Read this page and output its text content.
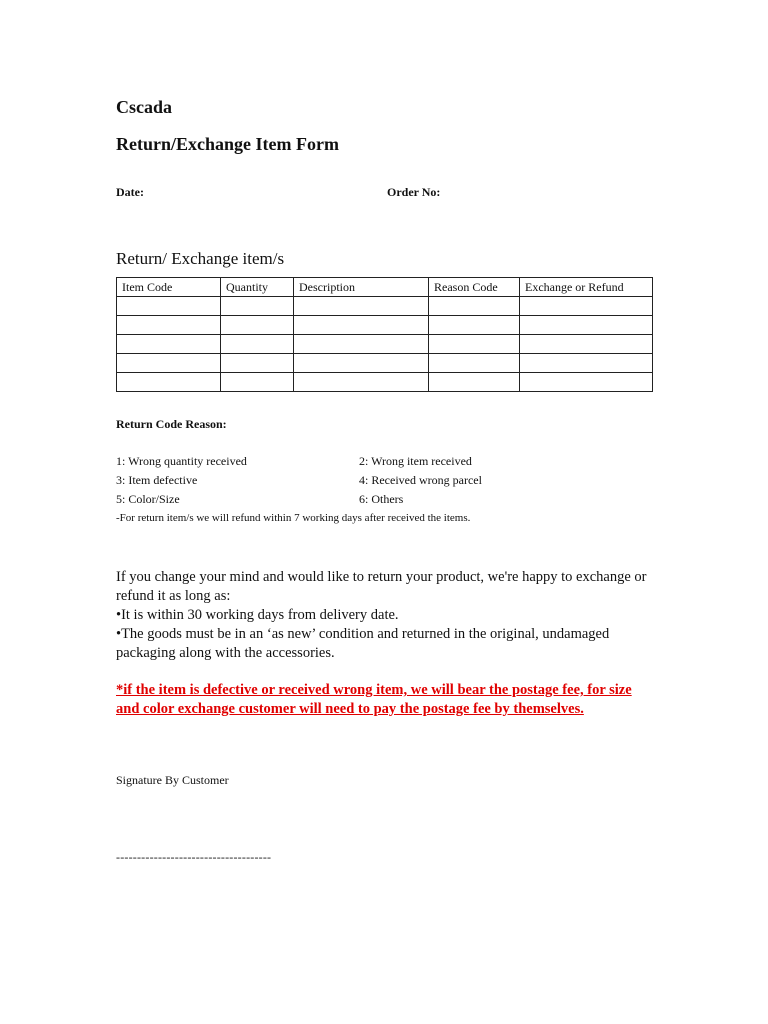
Cscada
Return/Exchange Item Form
Date:	Order No:
Return/ Exchange item/s
Item Code	Quantity	Description	Reason Code	Exchange or Refund

Return Code Reason:
1: Wrong quantity received	2: Wrong item received
3: Item defective	4: Received wrong parcel
5: Color/Size	6: Others
-For return item/s we will refund within 7 working days after received the items.

If you change your mind and would like to return your product, we're happy to exchange or refund it as long as:

•It is within 30 working days from delivery date.

•The goods must be in an ‘as new’ condition and returned in the original, undamaged packaging along with the accessories.

*if the item is defective or received wrong item, we will bear the postage fee, for size and color exchange customer will need to pay the postage fee by themselves.
Signature By Customer
-------------------------------------
